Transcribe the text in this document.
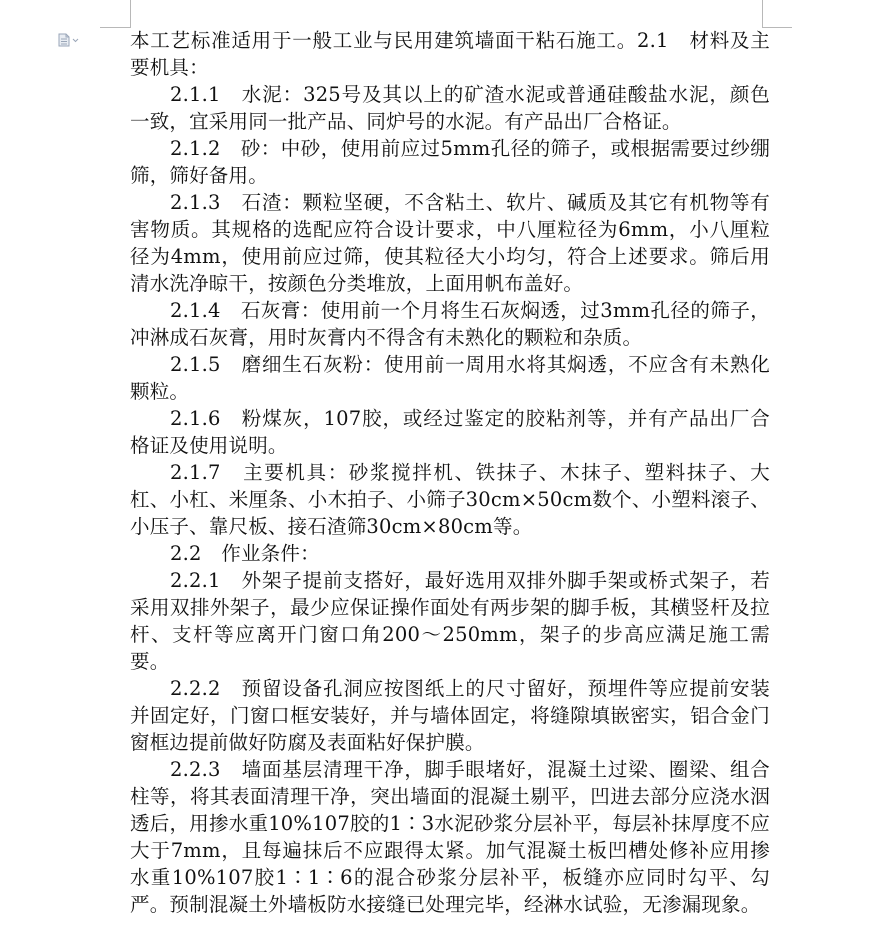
本工艺标准适用于一般工业与民用建筑墙面干粘石施工。2.1　材料及主要机具：

2.1.1　水泥：325号及其以上的矿渣水泥或普通硅酸盐水泥，颜色一致，宜采用同一批产品、同炉号的水泥。有产品出厂合格证。

2.1.2　砂：中砂，使用前应过5mm孔径的筛子，或根据需要过纱绷筛，筛好备用。

2.1.3　石渣：颗粒坚硬，不含粘土、软片、碱质及其它有机物等有害物质。其规格的选配应符合设计要求，中八厘粒径为6mm，小八厘粒径为4mm，使用前应过筛，使其粒径大小均匀，符合上述要求。筛后用清水洗净晾干，按颜色分类堆放，上面用帆布盖好。

2.1.4　石灰膏：使用前一个月将生石灰焖透，过3mm孔径的筛子，冲淋成石灰膏，用时灰膏内不得含有未熟化的颗粒和杂质。

2.1.5　磨细生石灰粉：使用前一周用水将其焖透，不应含有未熟化颗粒。

2.1.6　粉煤灰，107胶，或经过鉴定的胶粘剂等，并有产品出厂合格证及使用说明。

2.1.7　主要机具：砂浆搅拌机、铁抹子、木抹子、塑料抹子、大杠、小杠、米厘条、小木拍子、小筛子30cm×50cm数个、小塑料滚子、小压子、靠尺板、接石渣筛30cm×80cm等。

2.2　作业条件：

2.2.1　外架子提前支搭好，最好选用双排外脚手架或桥式架子，若采用双排外架子，最少应保证操作面处有两步架的脚手板，其横竖杆及拉杆、支杆等应离开门窗口角200～250mm，架子的步高应满足施工需要。

2.2.2　预留设备孔洞应按图纸上的尺寸留好，预埋件等应提前安装并固定好，门窗口框安装好，并与墙体固定，将缝隙填嵌密实，铝合金门窗框边提前做好防腐及表面粘好保护膜。

2.2.3　墙面基层清理干净，脚手眼堵好，混凝土过梁、圈梁、组合柱等，将其表面清理干净，突出墙面的混凝土剔平，凹进去部分应浇水洇透后，用掺水重10%107胶的1∶3水泥砂浆分层补平，每层补抹厚度不应大于7mm，且每遍抹后不应跟得太紧。加气混凝土板凹槽处修补应用掺水重10%107胶1∶1∶6的混合砂浆分层补平，板缝亦应同时勾平、勾严。预制混凝土外墙板防水接缝已处理完毕，经淋水试验，无渗漏现象。
